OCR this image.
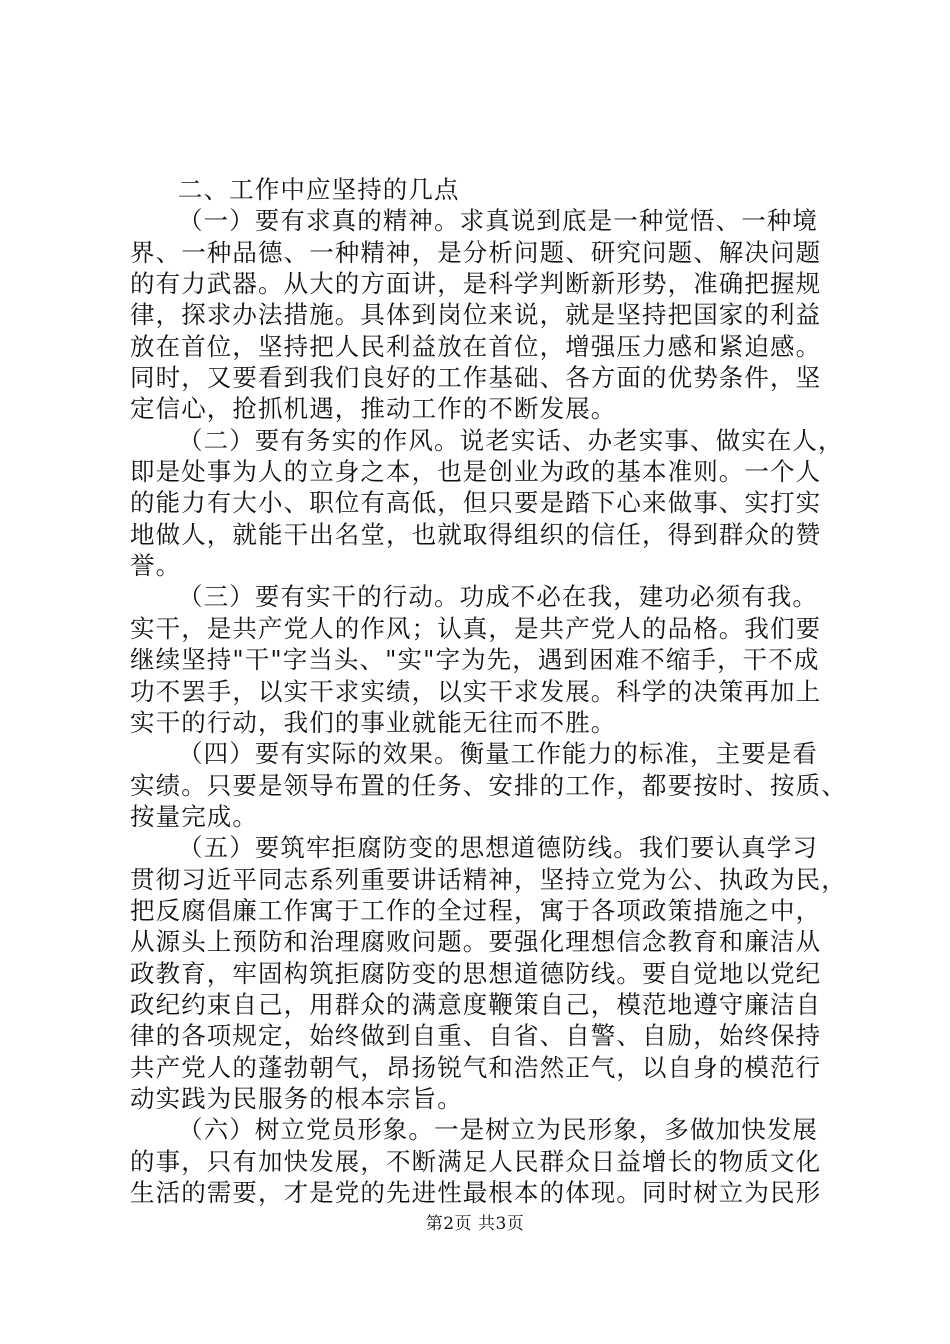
二、工作中应坚持的几点
（一）要有求真的精神。求真说到底是一种觉悟、一种境
界、一种品德、一种精神，是分析问题、研究问题、解决问题
的有力武器。从大的方面讲，是科学判断新形势，准确把握规
律，探求办法措施。具体到岗位来说，就是坚持把国家的利益
放在首位，坚持把人民利益放在首位，增强压力感和紧迫感。
同时，又要看到我们良好的工作基础、各方面的优势条件，坚
定信心，抢抓机遇，推动工作的不断发展。
（二）要有务实的作风。说老实话、办老实事、做实在人，
即是处事为人的立身之本，也是创业为政的基本准则。一个人
的能力有大小、职位有高低，但只要是踏下心来做事、实打实
地做人，就能干出名堂，也就取得组织的信任，得到群众的赞
誉。
（三）要有实干的行动。功成不必在我，建功必须有我。
实干，是共产党人的作风；认真，是共产党人的品格。我们要
继续坚持"干"字当头、"实"字为先，遇到困难不缩手，干不成
功不罢手，以实干求实绩，以实干求发展。科学的决策再加上
实干的行动，我们的事业就能无往而不胜。
（四）要有实际的效果。衡量工作能力的标准，主要是看
实绩。只要是领导布置的任务、安排的工作，都要按时、按质、
按量完成。
（五）要筑牢拒腐防变的思想道德防线。我们要认真学习
贯彻习近平同志系列重要讲话精神，坚持立党为公、执政为民，
把反腐倡廉工作寓于工作的全过程，寓于各项政策措施之中，
从源头上预防和治理腐败问题。要强化理想信念教育和廉洁从
政教育，牢固构筑拒腐防变的思想道德防线。要自觉地以党纪
政纪约束自己，用群众的满意度鞭策自己，模范地遵守廉洁自
律的各项规定，始终做到自重、自省、自警、自励，始终保持
共产党人的蓬勃朝气，昂扬锐气和浩然正气，以自身的模范行
动实践为民服务的根本宗旨。
（六）树立党员形象。一是树立为民形象，多做加快发展
的事，只有加快发展，不断满足人民群众日益增长的物质文化
生活的需要，才是党的先进性最根本的体现。同时树立为民形
第2页 共3页
